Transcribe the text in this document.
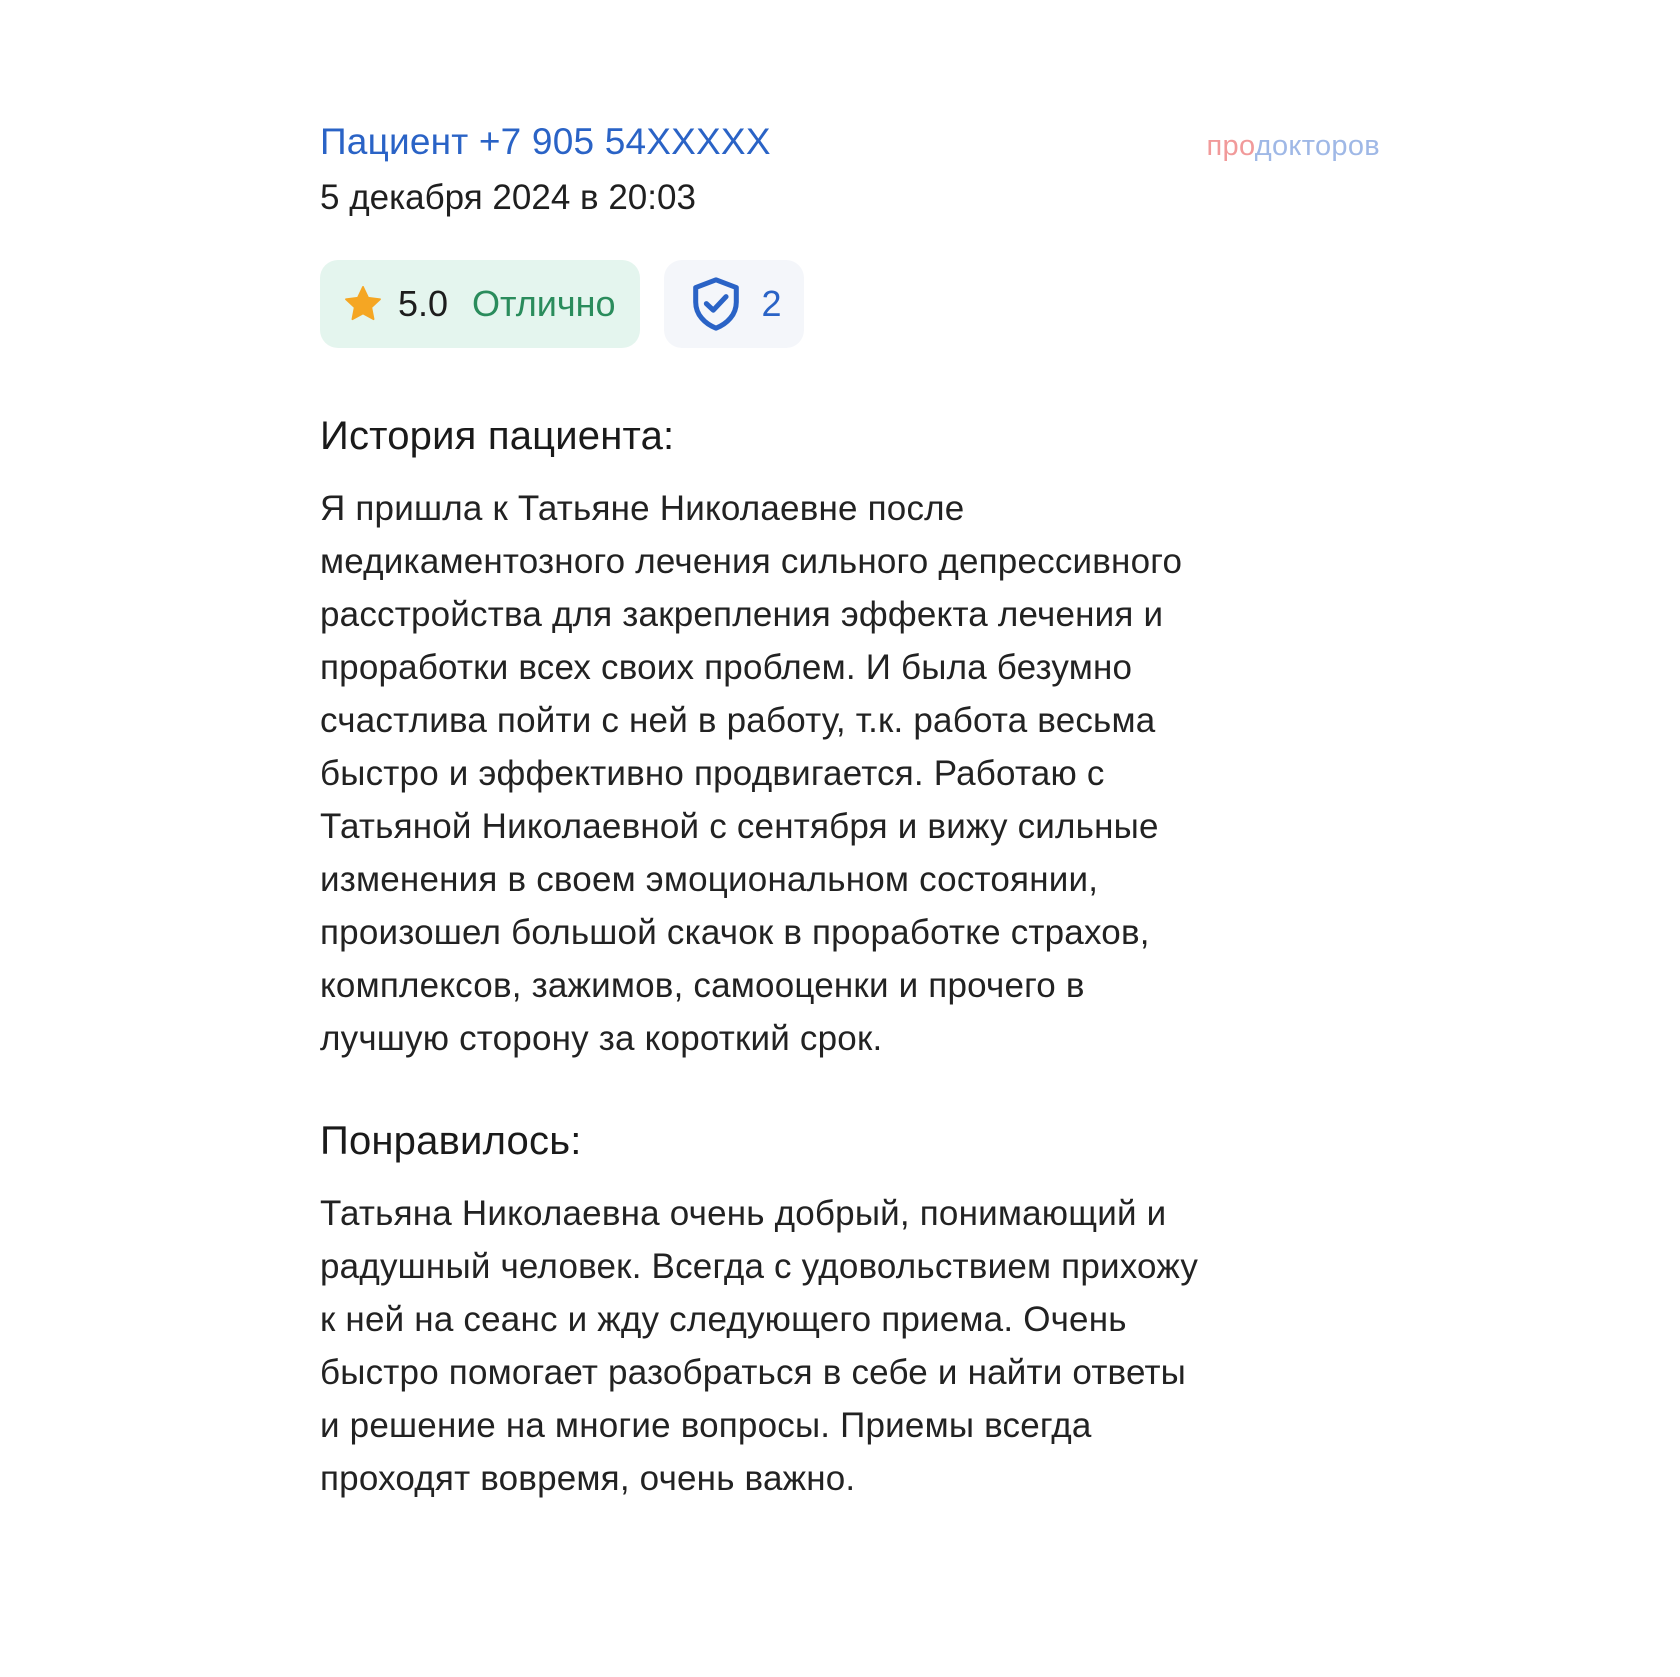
Пациент +7 905 54XXXXX
5 декабря 2024 в 20:03
продокторов
5.0 Отлично	2
История пациента:

Я пришла к Татьяне Николаевне после
медикаментозного лечения сильного депрессивного
расстройства для закрепления эффекта лечения и
проработки всех своих проблем. И была безумно
счастлива пойти с ней в работу, т.к. работа весьма
быстро и эффективно продвигается. Работаю с
Татьяной Николаевной с сентября и вижу сильные
изменения в своем эмоциональном состоянии,
произошел большой скачок в проработке страхов,
комплексов, зажимов, самооценки и прочего в
лучшую сторону за короткий срок.

Понравилось:

Татьяна Николаевна очень добрый, понимающий и
радушный человек. Всегда с удовольствием прихожу
к ней на сеанс и жду следующего приема. Очень
быстро помогает разобраться в себе и найти ответы
и решение на многие вопросы. Приемы всегда
проходят вовремя, очень важно.
